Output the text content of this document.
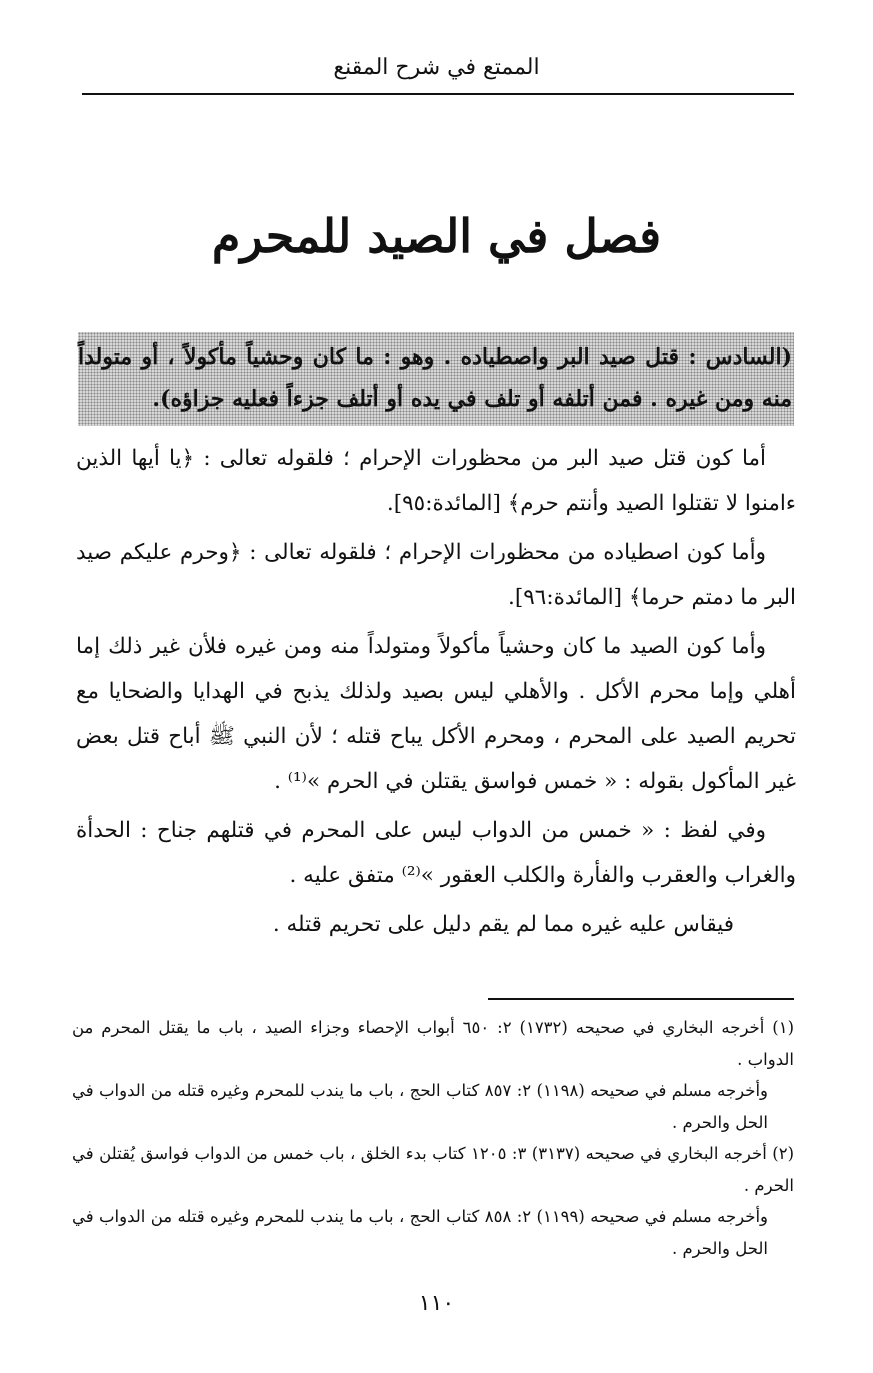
الممتع في شرح المقنع
فصل في الصيد للمحرم
(السادس : قتل صيد البر واصطياده . وهو : ما كان وحشياً مأكولاً ، أو متولداً منه ومن غيره . فمن أتلفه أو تلف في يده أو أتلف جزءاً فعليه جزاؤه).

أما كون قتل صيد البر من محظورات الإحرام ؛ فلقوله تعالى : ﴿يا أيها الذين ءامنوا لا تقتلوا الصيد وأنتم حرم﴾ [المائدة:٩٥].

وأما كون اصطياده من محظورات الإحرام ؛ فلقوله تعالى : ﴿وحرم عليكم صيد البر ما دمتم حرما﴾ [المائدة:٩٦].

وأما كون الصيد ما كان وحشياً مأكولاً ومتولداً منه ومن غيره فلأن غير ذلك إما أهلي وإما محرم الأكل . والأهلي ليس بصيد ولذلك يذبح في الهدايا والضحايا مع تحريم الصيد على المحرم ، ومحرم الأكل يباح قتله ؛ لأن النبي ﷺ أباح قتل بعض غير المأكول بقوله : « خمس فواسق يقتلن في الحرم »⁽¹⁾ .

وفي لفظ : « خمس من الدواب ليس على المحرم في قتلهم جناح : الحدأة والغراب والعقرب والفأرة والكلب العقور »⁽²⁾ متفق عليه .

فيقاس عليه غيره مما لم يقم دليل على تحريم قتله .

(١) أخرجه البخاري في صحيحه (١٧٣٢) ٢: ٦٥٠ أبواب الإحصاء وجزاء الصيد ، باب ما يقتل المحرم من الدواب .

وأخرجه مسلم في صحيحه (١١٩٨) ٢: ٨٥٧ كتاب الحج ، باب ما يندب للمحرم وغيره قتله من الدواب في الحل والحرم .

(٢) أخرجه البخاري في صحيحه (٣١٣٧) ٣: ١٢٠٥ كتاب بدء الخلق ، باب خمس من الدواب فواسق يُقتلن في الحرم .

وأخرجه مسلم في صحيحه (١١٩٩) ٢: ٨٥٨ كتاب الحج ، باب ما يندب للمحرم وغيره قتله من الدواب في الحل والحرم .

١١٠
